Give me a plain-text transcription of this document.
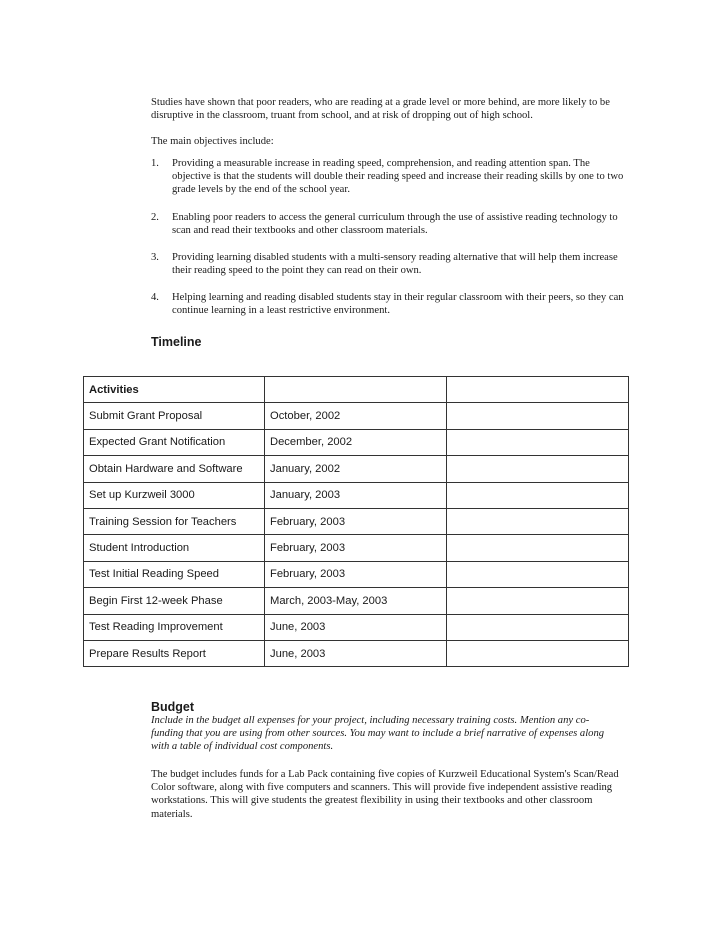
Studies have shown that poor readers, who are reading at a grade level or more behind, are more likely to be disruptive in the classroom, truant from school, and at risk of dropping out of high school.

The main objectives include:

1. Providing a measurable increase in reading speed, comprehension, and reading attention span. The objective is that the students will double their reading speed and increase their reading skills by one to two grade levels by the end of the school year.
2. Enabling poor readers to access the general curriculum through the use of assistive reading technology to scan and read their textbooks and other classroom materials.
3. Providing learning disabled students with a multi-sensory reading alternative that will help them increase their reading speed to the point they can read on their own.
4. Helping learning and reading disabled students stay in their regular classroom with their peers, so they can continue learning in a least restrictive environment.
Timeline
Activities		
Submit Grant Proposal	October, 2002	
Expected Grant Notification	December, 2002	
Obtain Hardware and Software	January, 2002	
Set up Kurzweil 3000	January, 2003	
Training Session for Teachers	February, 2003	
Student Introduction	February, 2003	
Test Initial Reading Speed	February, 2003	
Begin First 12-week Phase	March, 2003-May, 2003	
Test Reading Improvement	June, 2003	
Prepare Results Report	June, 2003	
Budget

Include in the budget all expenses for your project, including necessary training costs. Mention any co-funding that you are using from other sources. You may want to include a brief narrative of expenses along with a table of individual cost components.

The budget includes funds for a Lab Pack containing five copies of Kurzweil Educational System's Scan/Read Color software, along with five computers and scanners. This will provide five independent assistive reading workstations. This will give students the greatest flexibility in using their textbooks and other classroom materials.
